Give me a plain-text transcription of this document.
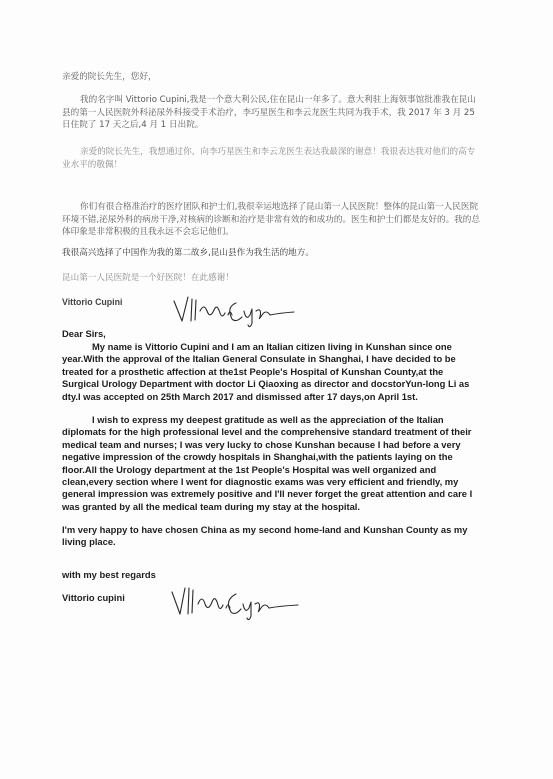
亲爱的院长先生，您好，
我的名字叫 Vittorio Cupini,我是一个意大利公民,住在昆山一年多了。意大利驻上海领事馆批准我在昆山县的第一人民医院外科泌尿外科接受手术治疗，李巧星医生和李云龙医生共同为我手术，我 2017 年 3 月 25 日住院了 17 天之后,4 月 1 日出院。
亲爱的院长先生，我想通过你，向李巧星医生和李云龙医生表达我最深的谢意！我很表达我对他们的高专业水平的敬佩！
你们有很合格准治疗的医疗团队和护士们,我很幸运地选择了昆山第一人民医院！整体的昆山第一人民医院环境不错,泌尿外科的病房干净,对核病的诊断和治疗是非常有效的和成功的。医生和护士们都是友好的。我的总体印象是非常积极的且我永远不会忘记他们。
我很高兴选择了中国作为我的第二故乡,昆山县作为我生活的地方。
昆山第一人民医院是一个好医院！在此感谢！
Vittorio Cupini
Dear Sirs,
My name is Vittorio Cupini and I am an Italian citizen living in Kunshan since one year.With the approval of the Italian General Consulate in Shanghai, I have decided to be treated for a prosthetic affection at the1st People's Hospital of Kunshan County,at the Surgical Urology Department with doctor Li Qiaoxing as director and docstorYun-long Li as dty.I was accepted on 25th March 2017 and dismissed after 17 days,on April 1st.
I wish to express my deepest gratitude as well as the appreciation of the Italian diplomats for the high professional level and the comprehensive standard treatment of their medical team and nurses; I was very lucky to chose Kunshan because I had before a very negative impression of the crowdy hospitals in Shanghai,with the patients laying on the floor.All the Urology department at the 1st People's Hospital was well organized and clean,every section where I went for diagnostic exams was very efficient and friendly, my general impression was extremely positive and I'll never forget the great attention and care I was granted by all the medical team during my stay at the hospital.
I'm very happy to have chosen China as my second home-land and Kunshan County as my living place.
with my best regards
Vittorio cupini
